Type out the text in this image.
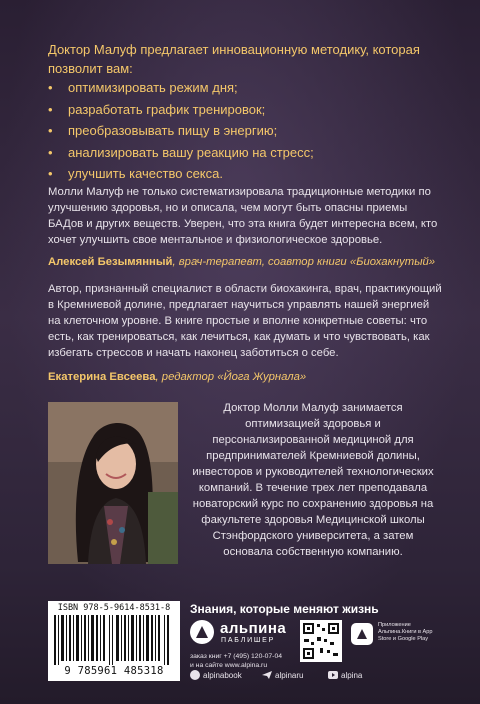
Доктор Малуф предлагает инновационную методику, которая позволит вам:
• оптимизировать режим дня;
• разработать график тренировок;
• преобразовывать пищу в энергию;
• анализировать вашу реакцию на стресс;
• улучшить качество секса.
Молли Малуф не только систематизировала традиционные методики по улучшению здоровья, но и описала, чем могут быть опасны приемы БАДов и других веществ. Уверен, что эта книга будет интересна всем, кто хочет улучшить свое ментальное и физиологическое здоровье.
Алексей Безымянный, врач-терапевт, соавтор книги «Биохакнутый»
Автор, признанный специалист в области биохакинга, врач, практикующий в Кремниевой долине, предлагает научиться управлять нашей энергией на клеточном уровне. В книге простые и вполне конкретные советы: что есть, как тренироваться, как лечиться, как думать и что чувствовать, как избегать стрессов и начать наконец заботиться о себе.
Екатерина Евсеева, редактор «Йога Журнала»
Доктор Молли Малуф занимается оптимизацией здоровья и персонализированной медициной для предпринимателей Кремниевой долины, инвесторов и руководителей технологических компаний. В течение трех лет преподавала новаторский курс по сохранению здоровья на факультете здоровья Медицинской школы Стэнфордского университета, а затем основала собственную компанию.
ISBN 978-5-9614-8531-8
9 785961 485318
Знания, которые меняют жизнь
альпина
ПАБЛИШЕР
заказ книг +7 (495) 120-07-04
и на сайте www.alpina.ru
Приложение Альпина.Книги в App Store и Google Play
alpinabook	alpinaru	alpina
